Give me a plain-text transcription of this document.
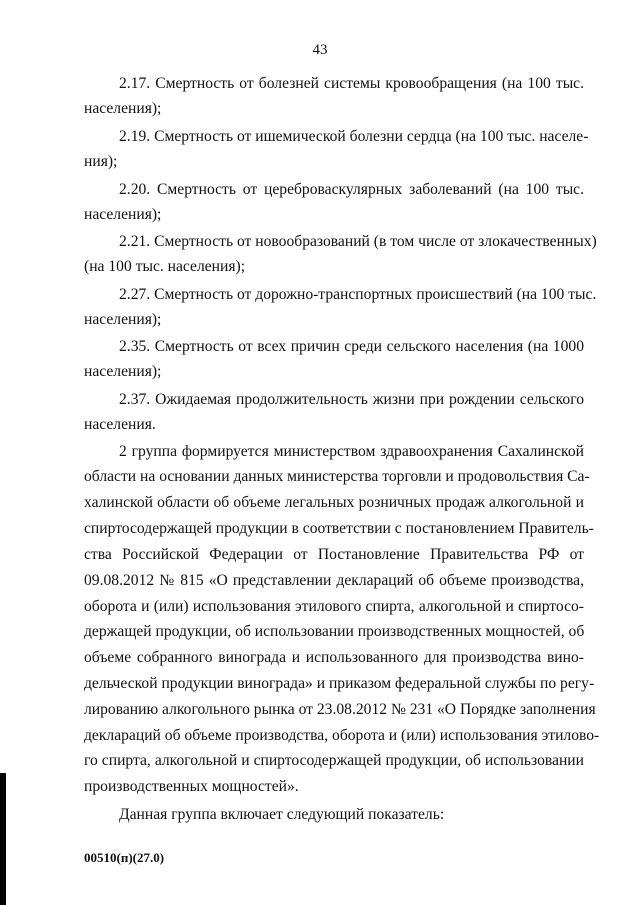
43
2.17. Смертность от болезней системы кровообращения (на 100 тыс.
населения);
2.19. Смертность от ишемической болезни сердца (на 100 тыс. населе-
ния);
2.20. Смертность от цереброваскулярных заболеваний (на 100 тыс.
населения);
2.21. Смертность от новообразований (в том числе от злокачественных)
(на 100 тыс. населения);
2.27. Смертность от дорожно-транспортных происшествий (на 100 тыс.
населения);
2.35. Смертность от всех причин среди сельского населения (на 1000
населения);
2.37. Ожидаемая продолжительность жизни при рождении сельского
населения.
2 группа формируется министерством здравоохранения Сахалинской
области на основании данных министерства торговли и продовольствия Са-
халинской области об объеме легальных розничных продаж алкогольной и
спиртосодержащей продукции в соответствии с постановлением Правитель-
ства Российской Федерации от Постановление Правительства РФ от
09.08.2012 № 815 «О представлении деклараций об объеме производства,
оборота и (или) использования этилового спирта, алкогольной и спиртосо-
держащей продукции, об использовании производственных мощностей, об
объеме собранного винограда и использованного для производства вино-
дельческой продукции винограда» и приказом федеральной службы по регу-
лированию алкогольного рынка от 23.08.2012 № 231 «О Порядке заполнения
деклараций об объеме производства, оборота и (или) использования этилово-
го спирта, алкогольной и спиртосодержащей продукции, об использовании
производственных мощностей».
Данная группа включает следующий показатель:
00510(п)(27.0)
